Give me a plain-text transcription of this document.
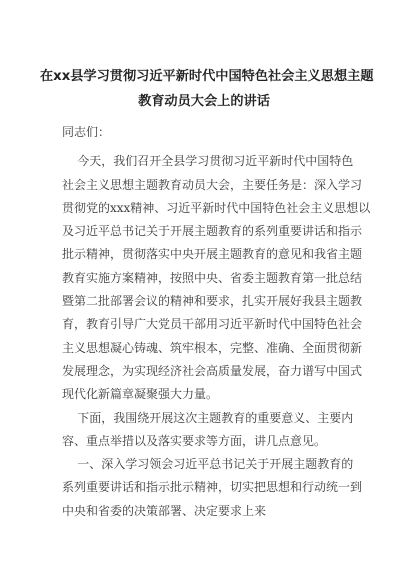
在xx县学习贯彻习近平新时代中国特色社会主义思想主题
教育动员大会上的讲话
同志们：
今天，我们召开全县学习贯彻习近平新时代中国特色
社会主义思想主题教育动员大会，主要任务是：深入学习
贯彻党的xxx精神、习近平新时代中国特色社会主义思想以
及习近平总书记关于开展主题教育的系列重要讲话和指示
批示精神，贯彻落实中央开展主题教育的意见和我省主题
教育实施方案精神，按照中央、省委主题教育第一批总结
暨第二批部署会议的精神和要求，扎实开展好我县主题教
育，教育引导广大党员干部用习近平新时代中国特色社会
主义思想凝心铸魂、筑牢根本，完整、准确、全面贯彻新
发展理念，为实现经济社会高质量发展，奋力谱写中国式
现代化新篇章凝聚强大力量。
下面，我围绕开展这次主题教育的重要意义、主要内
容、重点举措以及落实要求等方面，讲几点意见。
一、深入学习领会习近平总书记关于开展主题教育的
系列重要讲话和指示批示精神，切实把思想和行动统一到
中央和省委的决策部署、决定要求上来
